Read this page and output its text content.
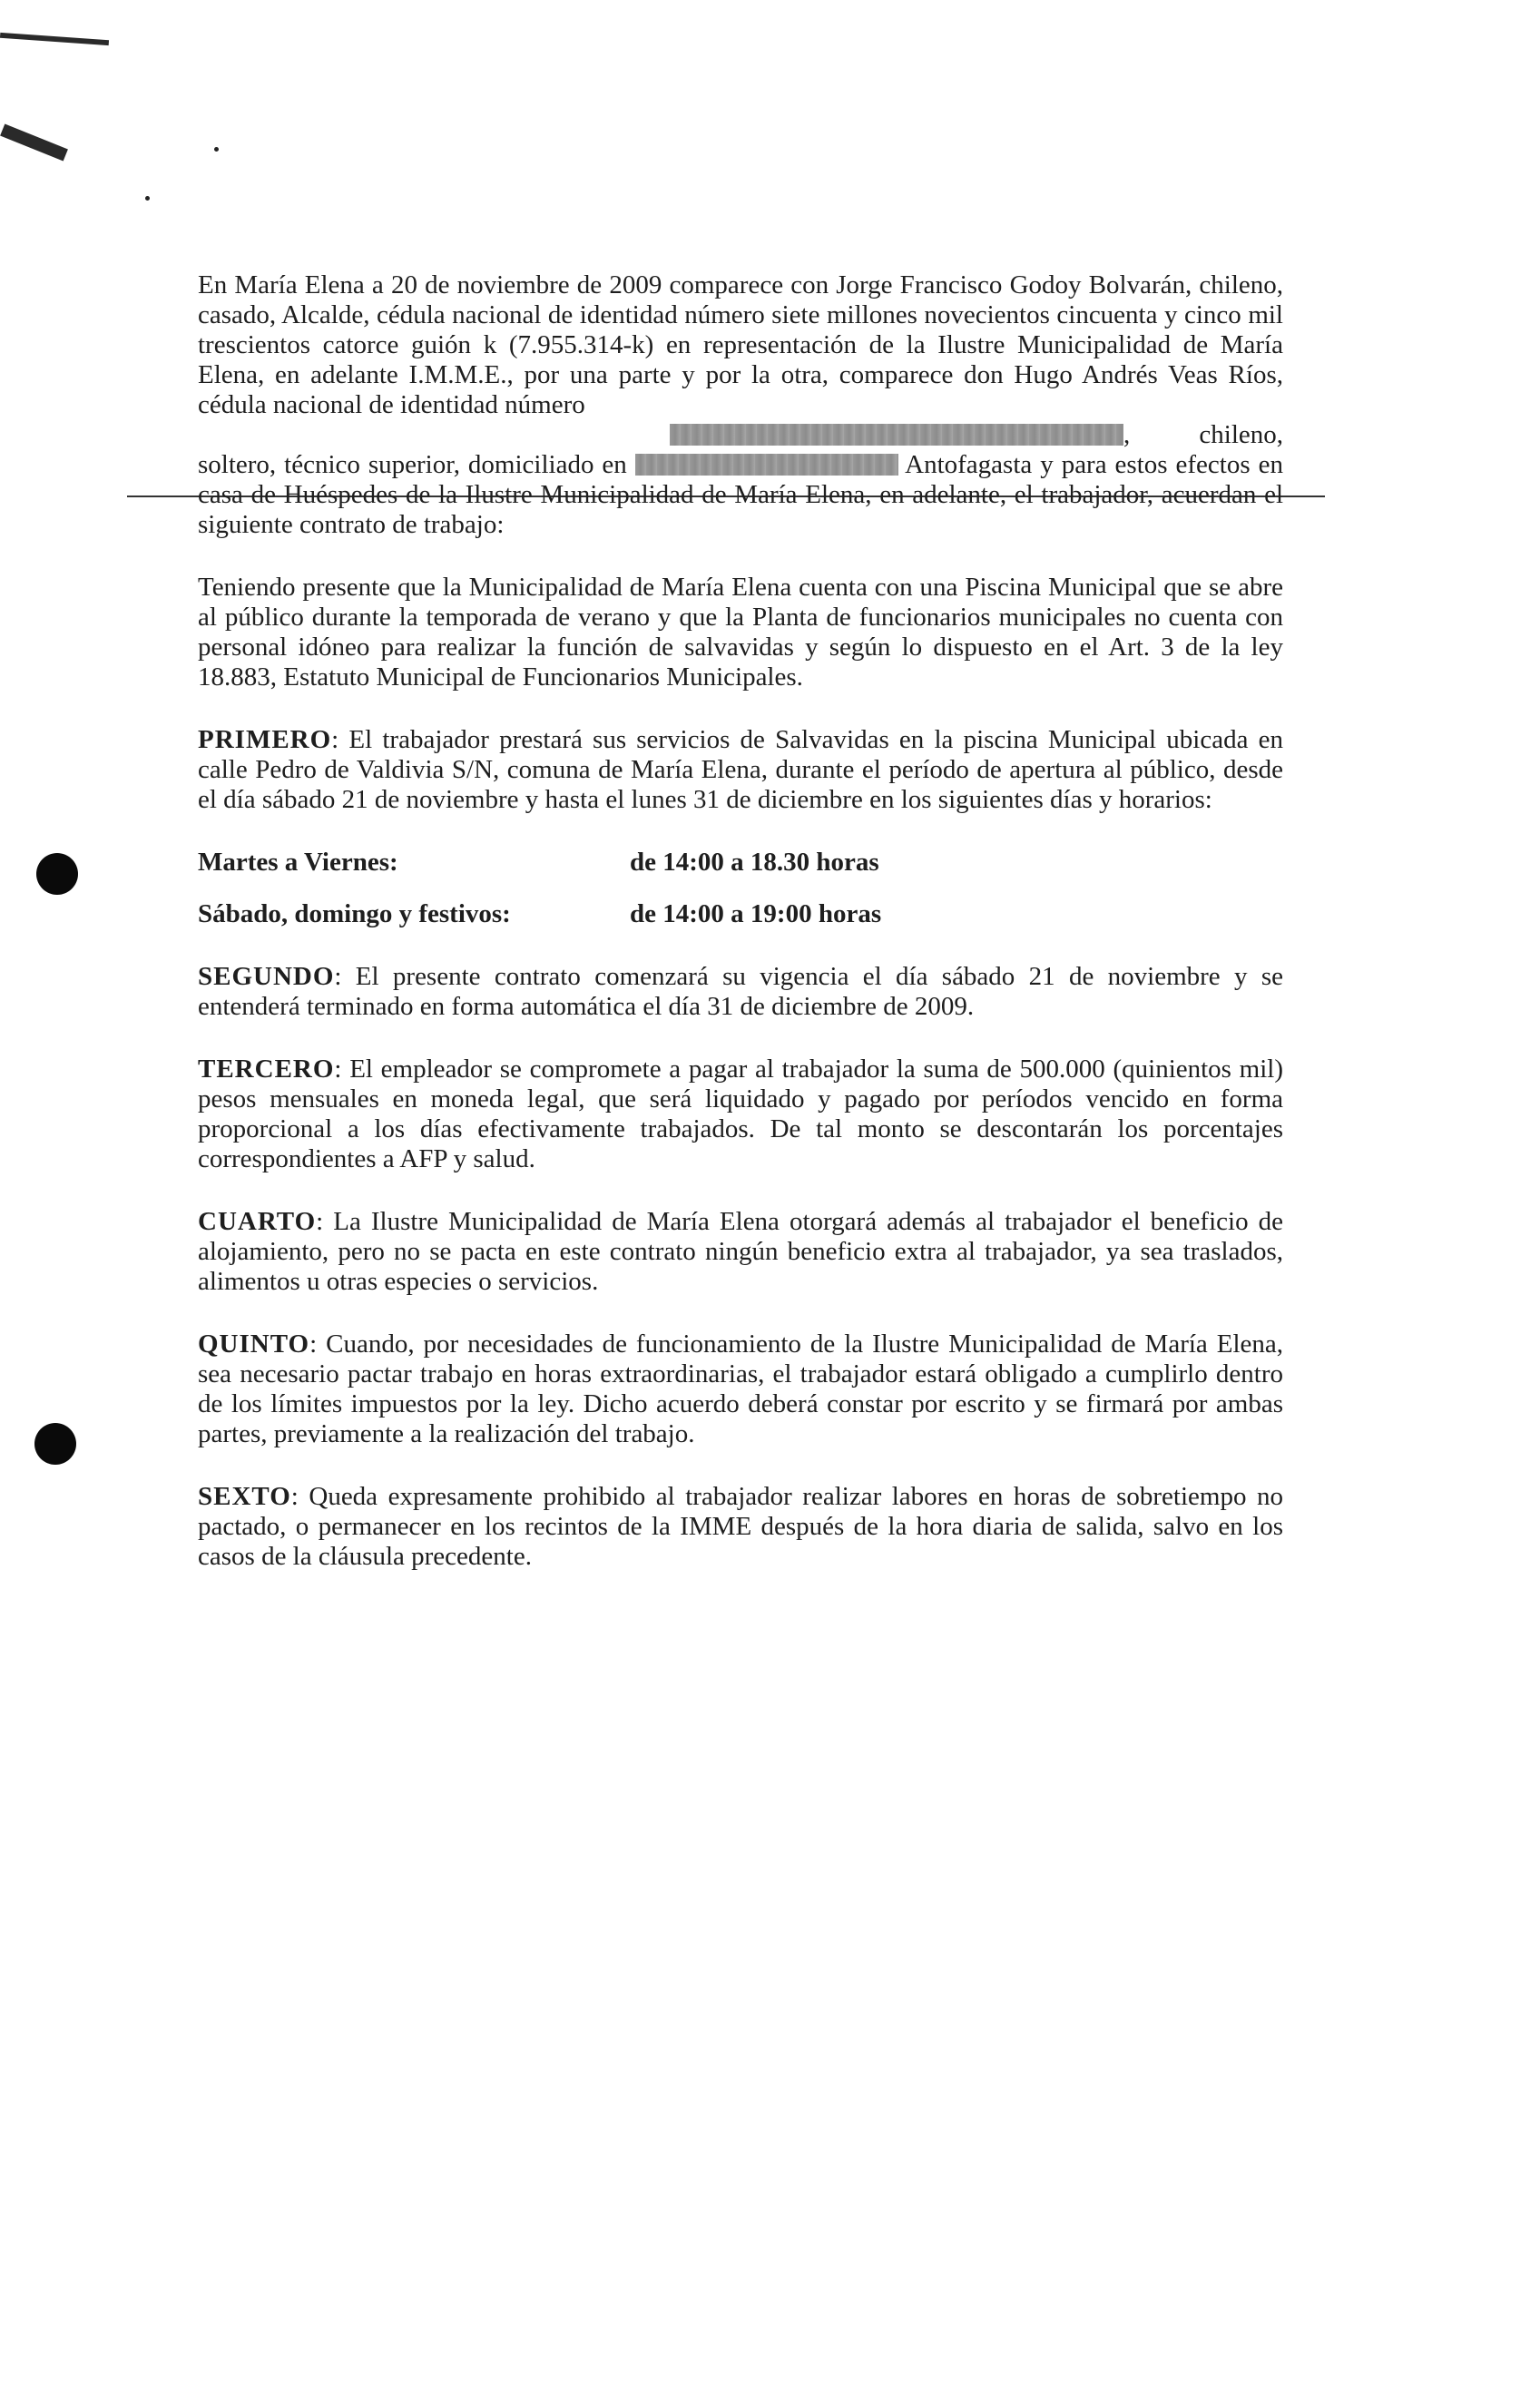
En María Elena a 20 de noviembre de 2009 comparece con Jorge Francisco Godoy Bolvarán, chileno, casado, Alcalde, cédula nacional de identidad número siete millones novecientos cincuenta y cinco mil trescientos catorce guión k (7.955.314-k) en representación de la Ilustre Municipalidad de María Elena, en adelante I.M.M.E., por una parte y por la otra, comparece don Hugo Andrés Veas Ríos, cédula nacional de identidad número
, chileno, soltero, técnico superior, domiciliado en	Antofagasta y para estos efectos en casa de Huéspedes de la Ilustre Municipalidad de María Elena, en adelante, el trabajador, acuerdan el siguiente contrato de trabajo:

Teniendo presente que la Municipalidad de María Elena cuenta con una Piscina Municipal que se abre al público durante la temporada de verano y que la Planta de funcionarios municipales no cuenta con personal idóneo para realizar la función de salvavidas y según lo dispuesto en el Art. 3 de la ley 18.883, Estatuto Municipal de Funcionarios Municipales.

PRIMERO: El trabajador prestará sus servicios de Salvavidas en la piscina Municipal ubicada en calle Pedro de Valdivia S/N, comuna de María Elena, durante el período de apertura al público, desde el día sábado 21 de noviembre y hasta el lunes 31 de diciembre en los siguientes días y horarios:

Martes a Viernes:	de 14:00 a 18.30 horas
Sábado, domingo y festivos:	de 14:00 a 19:00 horas

SEGUNDO: El presente contrato comenzará su vigencia el día sábado 21 de noviembre y se entenderá terminado en forma automática el día 31 de diciembre de 2009.

TERCERO: El empleador se compromete a pagar al trabajador la suma de 500.000 (quinientos mil) pesos mensuales en moneda legal, que será liquidado y pagado por períodos vencido en forma proporcional a los días efectivamente trabajados. De tal monto se descontarán los porcentajes correspondientes a AFP y salud.

CUARTO: La Ilustre Municipalidad de María Elena otorgará además al trabajador el beneficio de alojamiento, pero no se pacta en este contrato ningún beneficio extra al trabajador, ya sea traslados, alimentos u otras especies o servicios.

QUINTO: Cuando, por necesidades de funcionamiento de la Ilustre Municipalidad de María Elena, sea necesario pactar trabajo en horas extraordinarias, el trabajador estará obligado a cumplirlo dentro de los límites impuestos por la ley. Dicho acuerdo deberá constar por escrito y se firmará por ambas partes, previamente a la realización del trabajo.

SEXTO: Queda expresamente prohibido al trabajador realizar labores en horas de sobretiempo no pactado, o permanecer en los recintos de la IMME después de la hora diaria de salida, salvo en los casos de la cláusula precedente.
